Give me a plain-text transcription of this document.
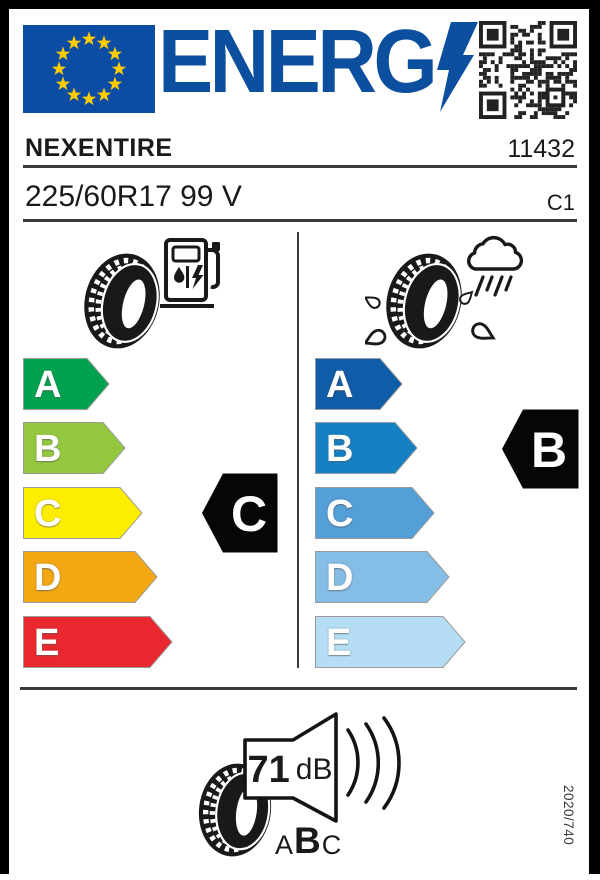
ENERG
NEXENTIRE	11432
225/60R17 99 V	C1
A
B
C
D
E
C
A
B
C
D
E
B
71 dB
A B C	2020/740
